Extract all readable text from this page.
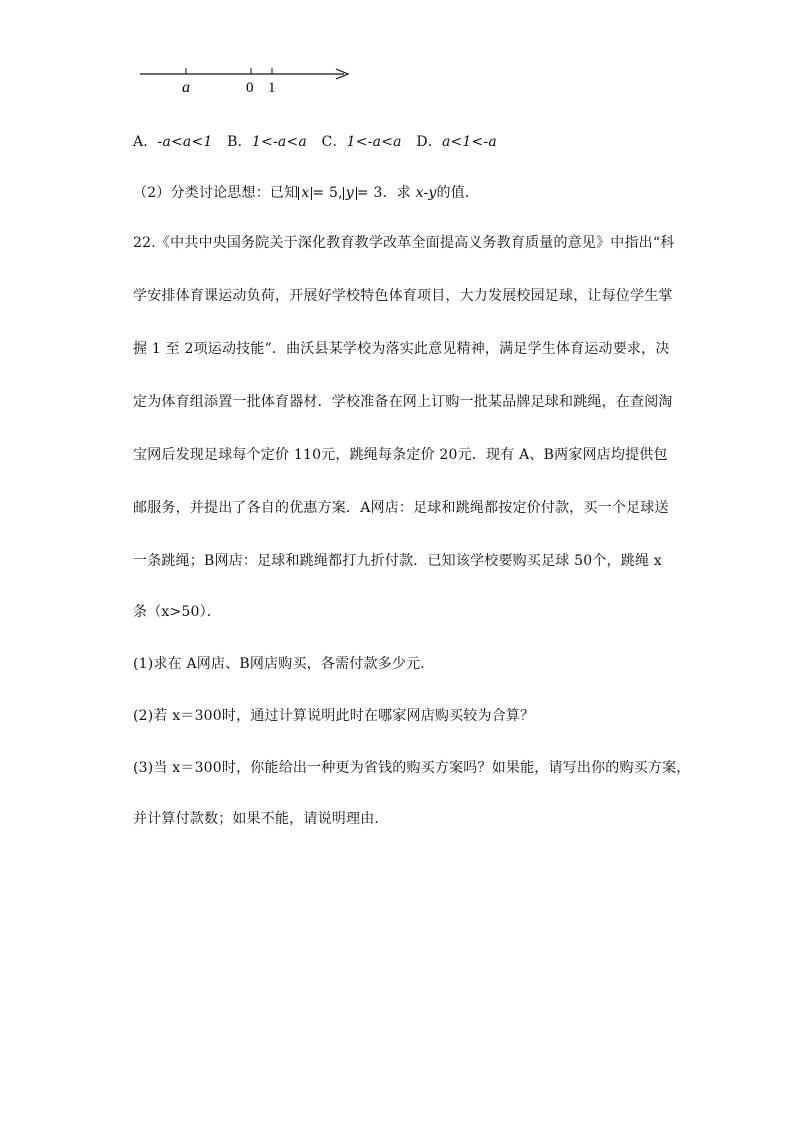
a	0 1
A．-a<a<1 B．1<-a<a C．1<-a<a D．a<1<-a
（2）分类讨论思想：已知 x = 5, y = 3．求 x-y的值．
22.《中共中央国务院关于深化教育教学改革全面提高义务教育质量的意见》中指出“科
学安排体育课运动负荷，开展好学校特色体育项目，大力发展校园足球，让每位学生掌
握 1 至 2项运动技能”．曲沃县某学校为落实此意见精神，满足学生体育运动要求，决
定为体育组添置一批体育器材．学校准备在网上订购一批某品牌足球和跳绳，在查阅淘
宝网后发现足球每个定价 110元，跳绳每条定价 20元．现有 A、B两家网店均提供包
邮服务，并提出了各自的优惠方案．A网店：足球和跳绳都按定价付款，买一个足球送
一条跳绳；B网店：足球和跳绳都打九折付款．已知该学校要购买足球 50个，跳绳 x
条（x>50）．
(1)求在 A网店、B网店购买，各需付款多少元．
(2)若 x＝300时，通过计算说明此时在哪家网店购买较为合算？
(3)当 x＝300时，你能给出一种更为省钱的购买方案吗？如果能，请写出你的购买方案，
并计算付款数；如果不能，请说明理由．
